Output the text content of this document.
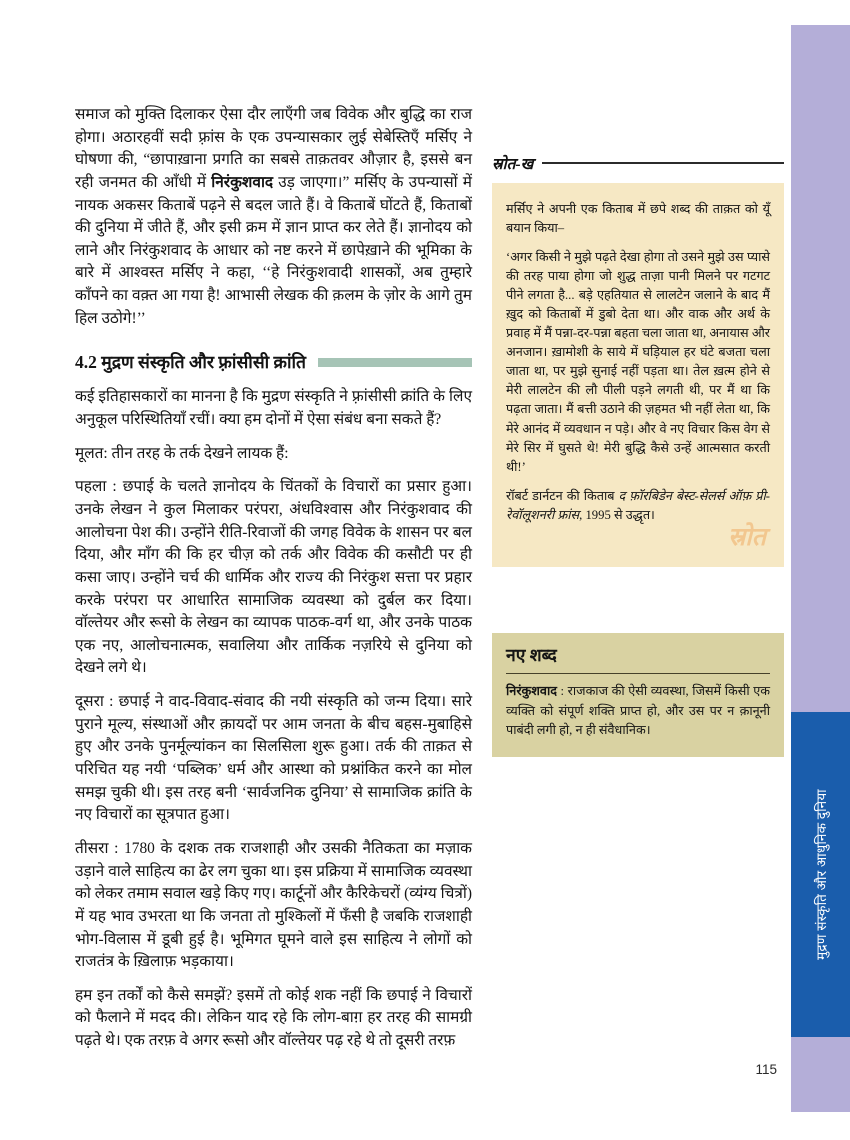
समाज को मुक्ति दिलाकर ऐसा दौर लाएँगी जब विवेक और बुद्धि का राज होगा। अठारहवीं सदी फ़्रांस के एक उपन्यासकार लुई सेबेस्तिएँ मर्सिए ने घोषणा की, “छापाख़ाना प्रगति का सबसे ताक़तवर औज़ार है, इससे बन रही जनमत की आँधी में निरंकुशवाद उड़ जाएगा।” मर्सिए के उपन्यासों में नायक अकसर किताबें पढ़ने से बदल जाते हैं। वे किताबें घोंटते हैं, किताबों की दुनिया में जीते हैं, और इसी क्रम में ज्ञान प्राप्त कर लेते हैं। ज्ञानोदय को लाने और निरंकुशवाद के आधार को नष्ट करने में छापेख़ाने की भूमिका के बारे में आश्वस्त मर्सिए ने कहा, ‘‘हे निरंकुशवादी शासकों, अब तुम्हारे काँपने का वक़्त आ गया है! आभासी लेखक की क़लम के ज़ोर के आगे तुम हिल उठोगे!’’

4.2 मुद्रण संस्कृति और फ़्रांसीसी क्रांति

कई इतिहासकारों का मानना है कि मुद्रण संस्कृति ने फ़्रांसीसी क्रांति के लिए अनुकूल परिस्थितियाँ रचीं। क्या हम दोनों में ऐसा संबंध बना सकते हैं?

मूलत: तीन तरह के तर्क देखने लायक हैं:

पहला : छपाई के चलते ज्ञानोदय के चिंतकों के विचारों का प्रसार हुआ। उनके लेखन ने कुल मिलाकर परंपरा, अंधविश्वास और निरंकुशवाद की आलोचना पेश की। उन्होंने रीति-रिवाजों की जगह विवेक के शासन पर बल दिया, और माँग की कि हर चीज़ को तर्क और विवेक की कसौटी पर ही कसा जाए। उन्होंने चर्च की धार्मिक और राज्य की निरंकुश सत्ता पर प्रहार करके परंपरा पर आधारित सामाजिक व्यवस्था को दुर्बल कर दिया। वॉल्तेयर और रूसो के लेखन का व्यापक पाठक-वर्ग था, और उनके पाठक एक नए, आलोचनात्मक, सवालिया और तार्किक नज़रिये से दुनिया को देखने लगे थे।

दूसरा : छपाई ने वाद-विवाद-संवाद की नयी संस्कृति को जन्म दिया। सारे पुराने मूल्य, संस्थाओं और क़ायदों पर आम जनता के बीच बहस-मुबाहिसे हुए और उनके पुनर्मूल्यांकन का सिलसिला शुरू हुआ। तर्क की ताक़त से परिचित यह नयी ‘पब्लिक’ धर्म और आस्था को प्रश्नांकित करने का मोल समझ चुकी थी। इस तरह बनी ‘सार्वजनिक दुनिया’ से सामाजिक क्रांति के नए विचारों का सूत्रपात हुआ।

तीसरा : 1780 के दशक तक राजशाही और उसकी नैतिकता का मज़ाक उड़ाने वाले साहित्य का ढेर लग चुका था। इस प्रक्रिया में सामाजिक व्यवस्था को लेकर तमाम सवाल खड़े किए गए। कार्टूनों और कैरिकेचरों (व्यंग्य चित्रों) में यह भाव उभरता था कि जनता तो मुश्किलों में फँसी है जबकि राजशाही भोग-विलास में डूबी हुई है। भूमिगत घूमने वाले इस साहित्य ने लोगों को राजतंत्र के ख़िलाफ़ भड़काया।

हम इन तर्कों को कैसे समझें? इसमें तो कोई शक नहीं कि छपाई ने विचारों को फैलाने में मदद की। लेकिन याद रहे कि लोग-बाग़ हर तरह की सामग्री पढ़ते थे। एक तरफ़ वे अगर रूसो और वॉल्तेयर पढ़ रहे थे तो दूसरी तरफ़

स्रोत-ख

मर्सिए ने अपनी एक किताब में छपे शब्द की ताक़त को यूँ बयान किया–

‘अगर किसी ने मुझे पढ़ते देखा होगा तो उसने मुझे उस प्यासे की तरह पाया होगा जो शुद्ध ताज़ा पानी मिलने पर गटगट पीने लगता है... बड़े एहतियात से लालटेन जलाने के बाद मैं ख़ुद को किताबों में डुबो देता था। और वाक और अर्थ के प्रवाह में मैं पन्ना-दर-पन्ना बहता चला जाता था, अनायास और अनजान। ख़ामोशी के साये में घड़ियाल हर घंटे बजता चला जाता था, पर मुझे सुनाई नहीं पड़ता था। तेल ख़त्म होने से मेरी लालटेन की लौ पीली पड़ने लगती थी, पर मैं था कि पढ़ता जाता। मैं बत्ती उठाने की ज़हमत भी नहीं लेता था, कि मेरे आनंद में व्यवधान न पड़े। और वे नए विचार किस वेग से मेरे सिर में घुसते थे! मेरी बुद्धि कैसे उन्हें आत्मसात करती थी!’

रॉबर्ट डार्नटन की किताब द फ़ॉरबिडेन बेस्ट-सेलर्स ऑफ़ प्री-रेवॉलूशनरी फ्रांस, 1995 से उद्धृत।

स्रोत
नए शब्द

निरंकुशवाद : राजकाज की ऐसी व्यवस्था, जिसमें किसी एक व्यक्ति को संपूर्ण शक्ति प्राप्त हो, और उस पर न क़ानूनी पाबंदी लगी हो, न ही संवैधानिक।

मुद्रण संस्कृति और आधुनिक दुनिया
115
